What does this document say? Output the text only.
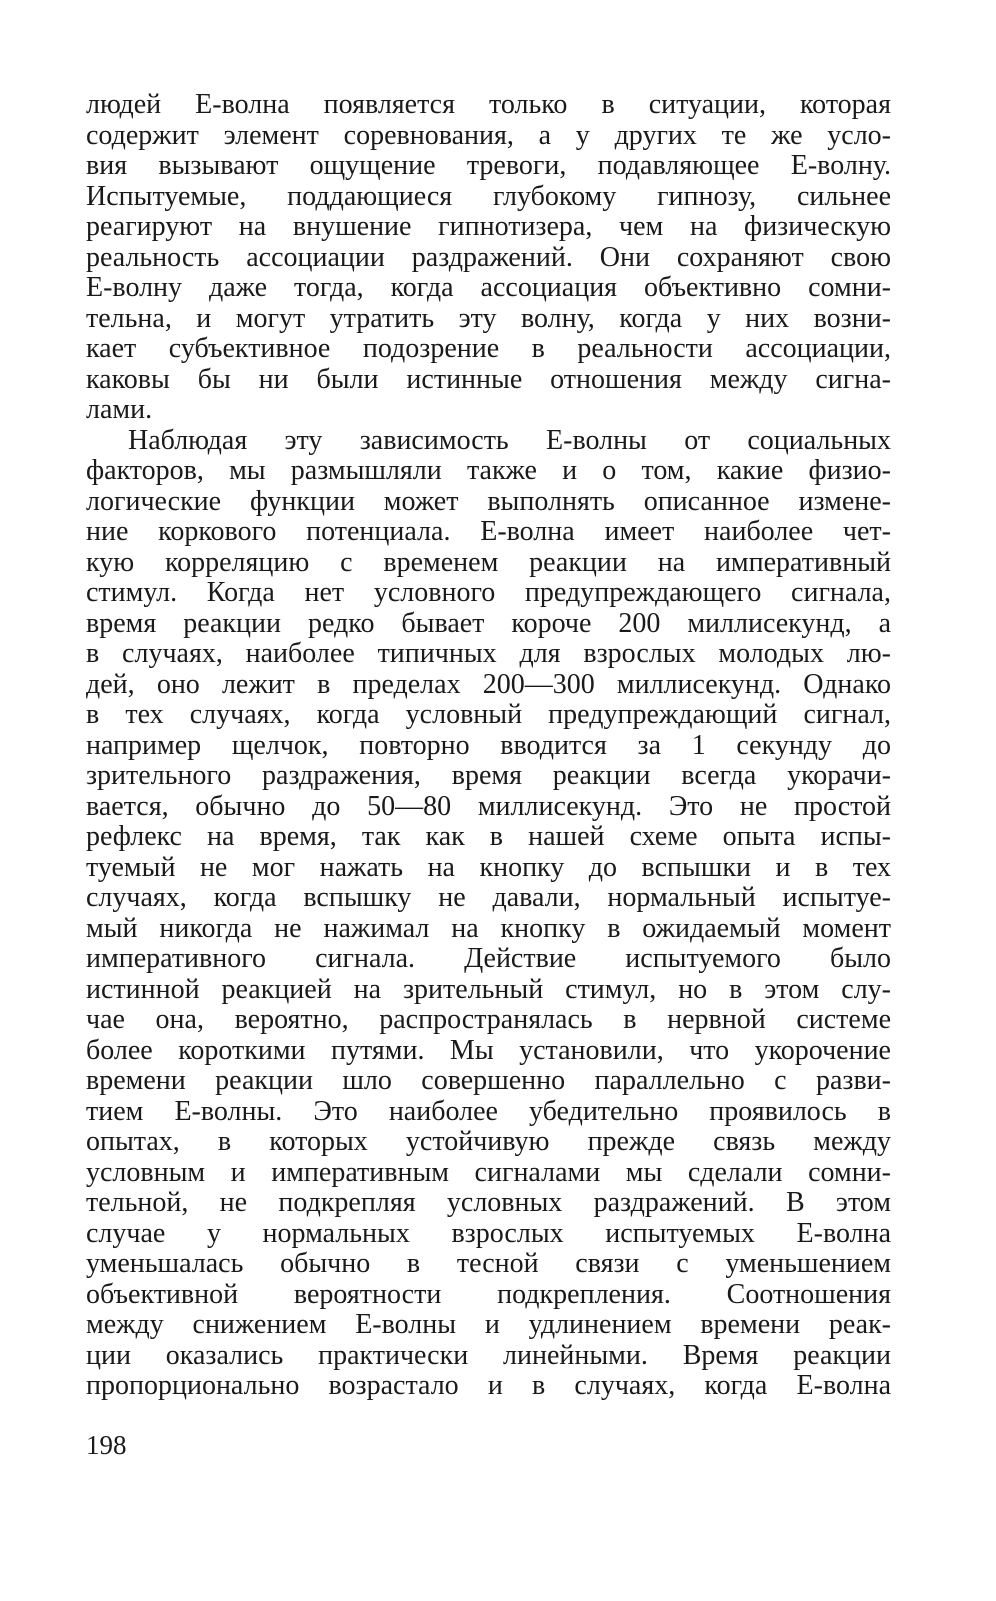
людей E-волна появляется только в ситуации, которая
содержит элемент соревнования, а у других те же усло-
вия вызывают ощущение тревоги, подавляющее E-волну.
Испытуемые, поддающиеся глубокому гипнозу, сильнее
реагируют на внушение гипнотизера, чем на физическую
реальность ассоциации раздражений. Они сохраняют свою
E-волну даже тогда, когда ассоциация объективно сомни-
тельна, и могут утратить эту волну, когда у них возни-
кает субъективное подозрение в реальности ассоциации,
каковы бы ни были истинные отношения между сигна-
лами.
Наблюдая эту зависимость E-волны от социальных
факторов, мы размышляли также и о том, какие физио-
логические функции может выполнять описанное измене-
ние коркового потенциала. E-волна имеет наиболее чет-
кую корреляцию с временем реакции на императивный
стимул. Когда нет условного предупреждающего сигнала,
время реакции редко бывает короче 200 миллисекунд, а
в случаях, наиболее типичных для взрослых молодых лю-
дей, оно лежит в пределах 200—300 миллисекунд. Однако
в тех случаях, когда условный предупреждающий сигнал,
например щелчок, повторно вводится за 1 секунду до
зрительного раздражения, время реакции всегда укорачи-
вается, обычно до 50—80 миллисекунд. Это не простой
рефлекс на время, так как в нашей схеме опыта испы-
туемый не мог нажать на кнопку до вспышки и в тех
случаях, когда вспышку не давали, нормальный испытуе-
мый никогда не нажимал на кнопку в ожидаемый момент
императивного сигнала. Действие испытуемого было
истинной реакцией на зрительный стимул, но в этом слу-
чае она, вероятно, распространялась в нервной системе
более короткими путями. Мы установили, что укорочение
времени реакции шло совершенно параллельно с разви-
тием E-волны. Это наиболее убедительно проявилось в
опытах, в которых устойчивую прежде связь между
условным и императивным сигналами мы сделали сомни-
тельной, не подкрепляя условных раздражений. В этом
случае у нормальных взрослых испытуемых E-волна
уменьшалась обычно в тесной связи с уменьшением
объективной вероятности подкрепления. Соотношения
между снижением E-волны и удлинением времени реак-
ции оказались практически линейными. Время реакции
пропорционально возрастало и в случаях, когда E-волна
198
